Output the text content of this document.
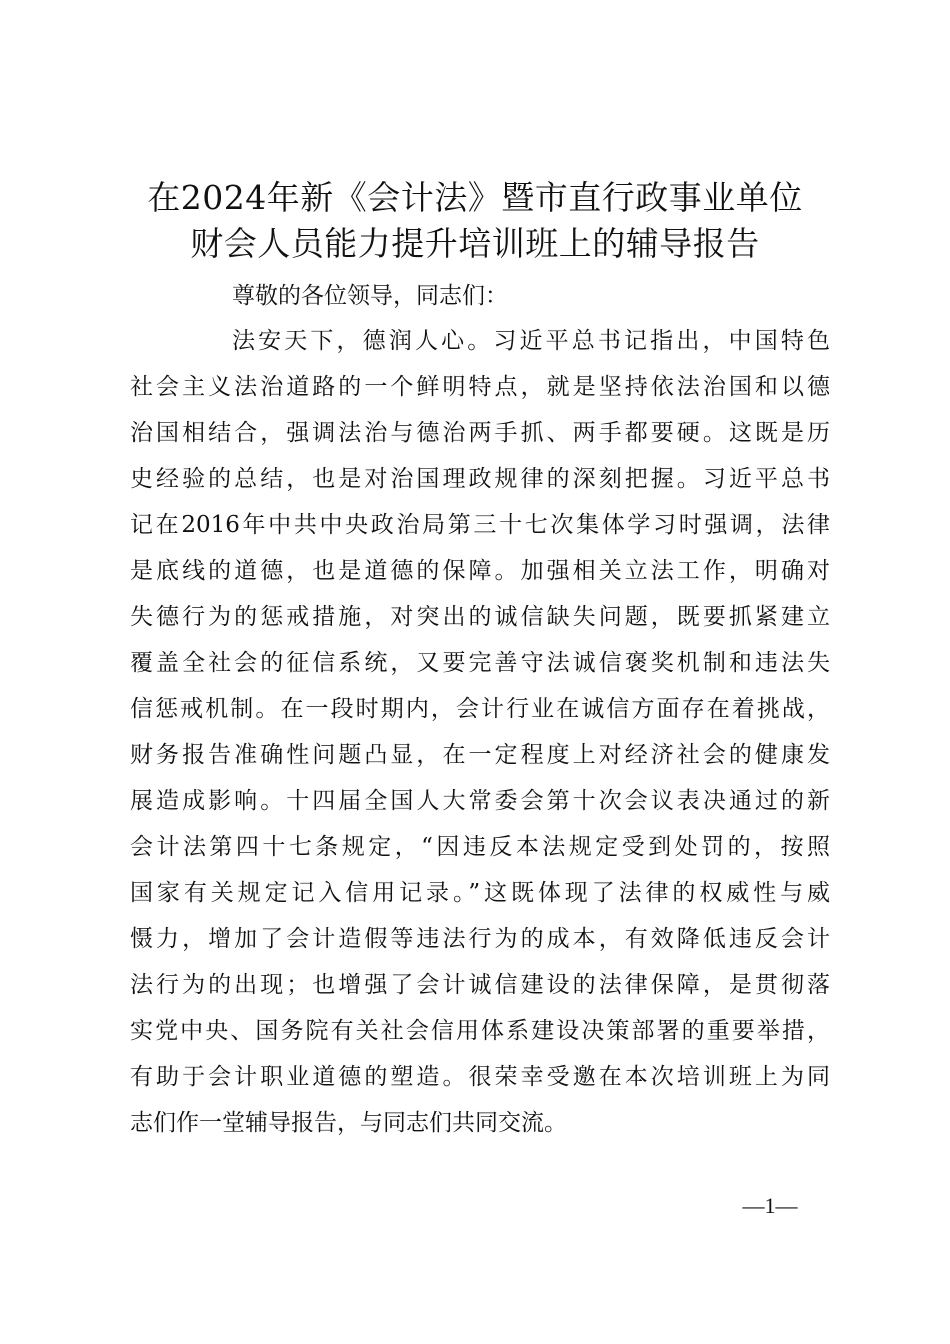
在2024年新《会计法》暨市直行政事业单位
财会人员能力提升培训班上的辅导报告
尊敬的各位领导，同志们：
法安天下，德润人心。习近平总书记指出，中国特色
社会主义法治道路的一个鲜明特点，就是坚持依法治国和以德
治国相结合，强调法治与德治两手抓、两手都要硬。这既是历
史经验的总结，也是对治国理政规律的深刻把握。习近平总书
记在2016年中共中央政治局第三十七次集体学习时强调，法律
是底线的道德，也是道德的保障。加强相关立法工作，明确对
失德行为的惩戒措施，对突出的诚信缺失问题，既要抓紧建立
覆盖全社会的征信系统，又要完善守法诚信褒奖机制和违法失
信惩戒机制。在一段时期内，会计行业在诚信方面存在着挑战，
财务报告准确性问题凸显，在一定程度上对经济社会的健康发
展造成影响。十四届全国人大常委会第十次会议表决通过的新
会计法第四十七条规定，“因违反本法规定受到处罚的，按照
国家有关规定记入信用记录。”这既体现了法律的权威性与威
慑力，增加了会计造假等违法行为的成本，有效降低违反会计
法行为的出现；也增强了会计诚信建设的法律保障，是贯彻落
实党中央、国务院有关社会信用体系建设决策部署的重要举措，
有助于会计职业道德的塑造。很荣幸受邀在本次培训班上为同
志们作一堂辅导报告，与同志们共同交流。
—1—
